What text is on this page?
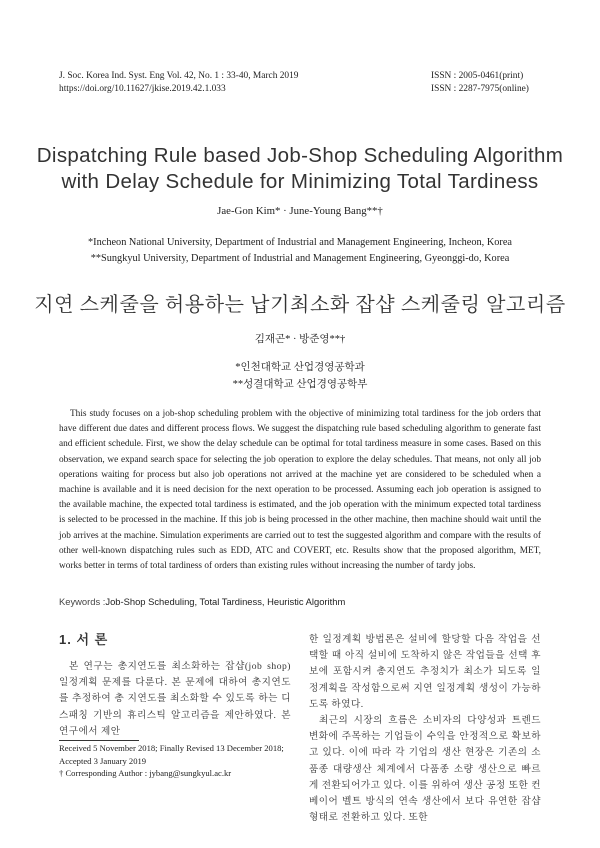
J. Soc. Korea Ind. Syst. Eng Vol. 42, No. 1 : 33-40, March 2019
https://doi.org/10.11627/jkise.2019.42.1.033
ISSN : 2005-0461(print)
ISSN : 2287-7975(online)
Dispatching Rule based Job-Shop Scheduling Algorithm
with Delay Schedule for Minimizing Total Tardiness
Jae-Gon Kim* · June-Young Bang**†
*Incheon National University, Department of Industrial and Management Engineering, Incheon, Korea
**Sungkyul University, Department of Industrial and Management Engineering, Gyeonggi-do, Korea
지연 스케줄을 허용하는 납기최소화 잡샵 스케줄링 알고리즘
김재곤* · 방준영**†
*인천대학교 산업경영공학과
**성결대학교 산업경영공학부
This study focuses on a job-shop scheduling problem with the objective of minimizing total tardiness for the job orders that have different due dates and different process flows. We suggest the dispatching rule based scheduling algorithm to generate fast and efficient schedule. First, we show the delay schedule can be optimal for total tardiness measure in some cases. Based on this observation, we expand search space for selecting the job operation to explore the delay schedules. That means, not only all job operations waiting for process but also job operations not arrived at the machine yet are considered to be scheduled when a machine is available and it is need decision for the next operation to be processed. Assuming each job operation is assigned to the available machine, the expected total tardiness is estimated, and the job operation with the minimum expected total tardiness is selected to be processed in the machine. If this job is being processed in the other machine, then machine should wait until the job arrives at the machine. Simulation experiments are carried out to test the suggested algorithm and compare with the results of other well-known dispatching rules such as EDD, ATC and COVERT, etc. Results show that the proposed algorithm, MET, works better in terms of total tardiness of orders than existing rules without increasing the number of tardy jobs.
Keywords :Job-Shop Scheduling, Total Tardiness, Heuristic Algorithm
1. 서 론

본 연구는 총지연도를 최소화하는 잡샵(job shop) 일정계획 문제를 다룬다. 본 문제에 대하여 총지연도를 추정하여 총 지연도를 최소화할 수 있도록 하는 디스패칭 기반의 휴리스틱 알고리즘을 제안하였다. 본 연구에서 제안

Received 5 November 2018; Finally Revised 13 December 2018;
Accepted 3 January 2019
† Corresponding Author : jybang@sungkyul.ac.kr

한 일정계획 방법론은 설비에 할당할 다음 작업을 선택할 때 아직 설비에 도착하지 않은 작업들을 선택 후보에 포함시켜 총지연도 추정치가 최소가 되도록 일정계획을 작성함으로써 지연 일정계획 생성이 가능하도록 하였다.

최근의 시장의 흐름은 소비자의 다양성과 트렌드 변화에 주목하는 기업들이 수익을 안정적으로 확보하고 있다. 이에 따라 각 기업의 생산 현장은 기존의 소품종 대량생산 체계에서 다품종 소량 생산으로 빠르게 전환되어가고 있다. 이를 위하여 생산 공정 또한 컨베이어 벨트 방식의 연속 생산에서 보다 유연한 잡샵 형태로 전환하고 있다. 또한
